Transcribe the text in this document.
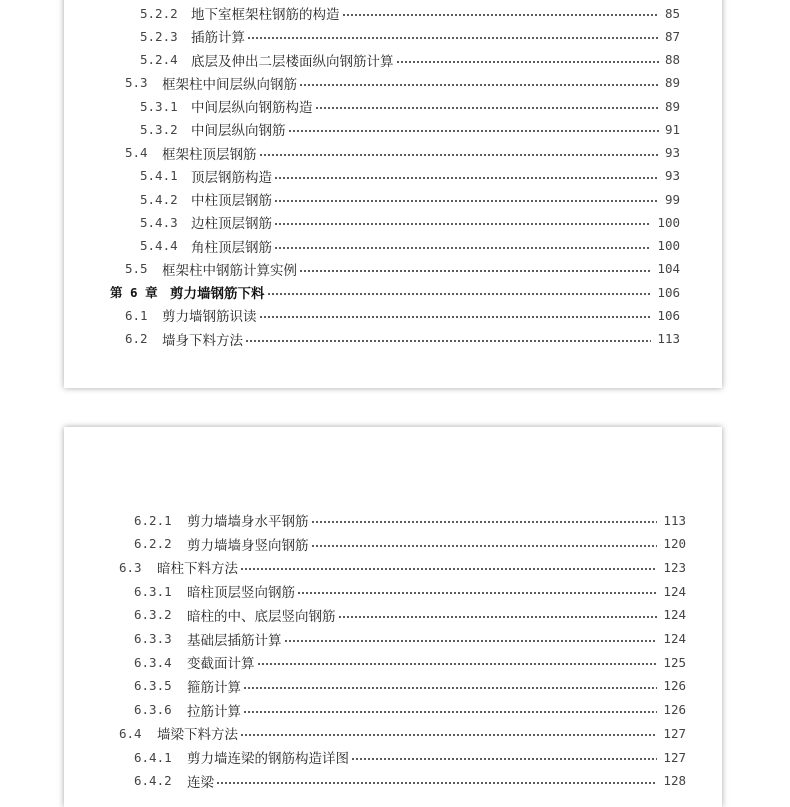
5.2.2 地下室框架柱钢筋的构造	85
5.2.3 插筋计算	87
5.2.4 底层及伸出二层楼面纵向钢筋计算	88
5.3	框架柱中间层纵向钢筋	89
5.3.1 中间层纵向钢筋构造	89
5.3.2 中间层纵向钢筋	91
5.4	框架柱顶层钢筋	93
5.4.1 顶层钢筋构造	93
5.4.2 中柱顶层钢筋	99
5.4.3 边柱顶层钢筋	100
5.4.4 角柱顶层钢筋	100
5.5	框架柱中钢筋计算实例	104
第 6 章 剪力墙钢筋下料	106
6.1	剪力墙钢筋识读	106
6.2	墙身下料方法	113
6.2.1	剪力墙墙身水平钢筋	113
6.2.2	剪力墙墙身竖向钢筋	120
6.3	暗柱下料方法	123
6.3.1	暗柱顶层竖向钢筋	124
6.3.2	暗柱的中、底层竖向钢筋	124
6.3.3	基础层插筋计算	124
6.3.4	变截面计算	125
6.3.5	箍筋计算	126
6.3.6	拉筋计算	126
6.4	墙梁下料方法	127
6.4.1	剪力墙连梁的钢筋构造详图	127
6.4.2	连梁	128
